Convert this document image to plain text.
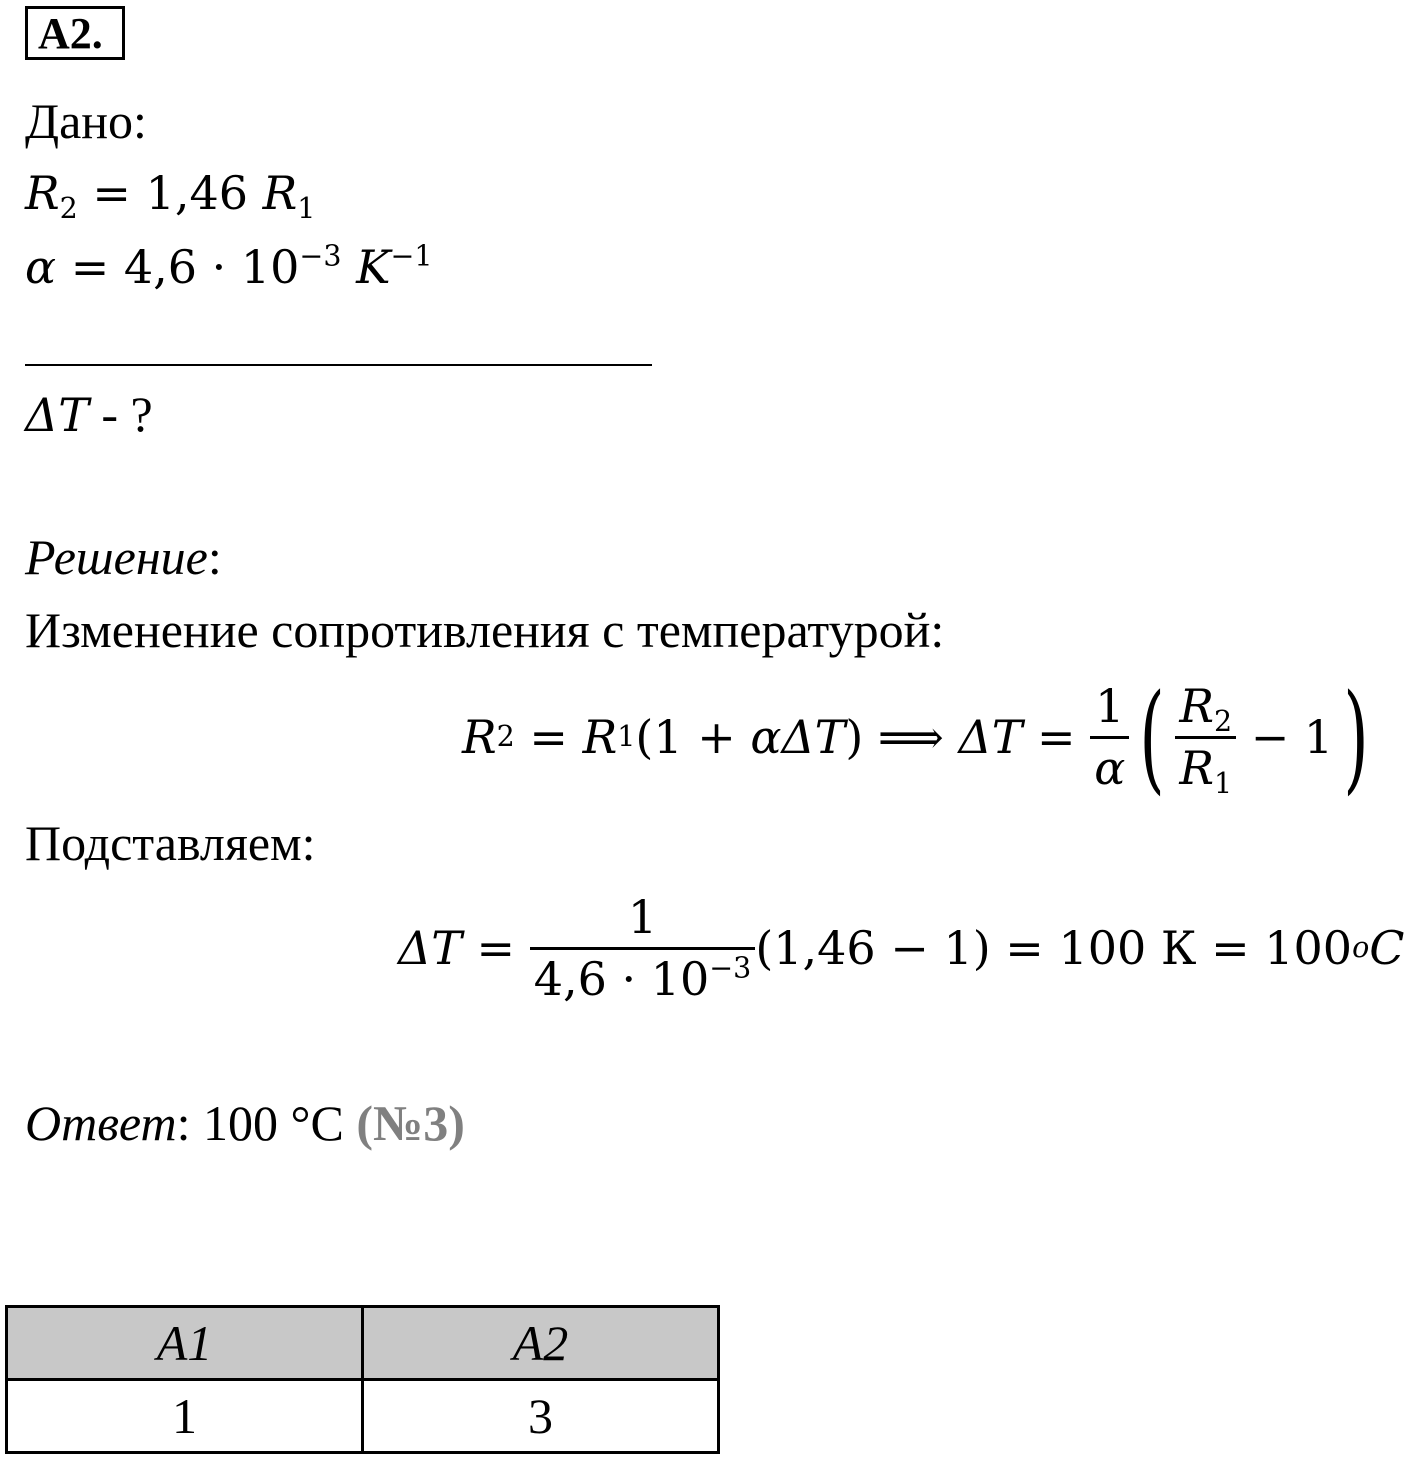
A2.
Дано:
$R_2 = 1,46$ $R_1$
$\alpha = 4,6 \cdot 10^{-3}$ $K^{-1}$
ΔT - ?
Решение:
Изменение сопротивления с температурой:
R 2 = R 1 (1 + αΔT ) ⟹ $\Delta T = \frac{1}{\alpha}$ ( $\frac{R_2}{R_1} - 1$ )
Подставляем:
$\Delta T = \frac{1}{4,6 \cdot 10^{-3}} (1,46 - 1) = 100$ К = 100 o C
Ответ: 100 °С (№3)
A1	A2
1	3
